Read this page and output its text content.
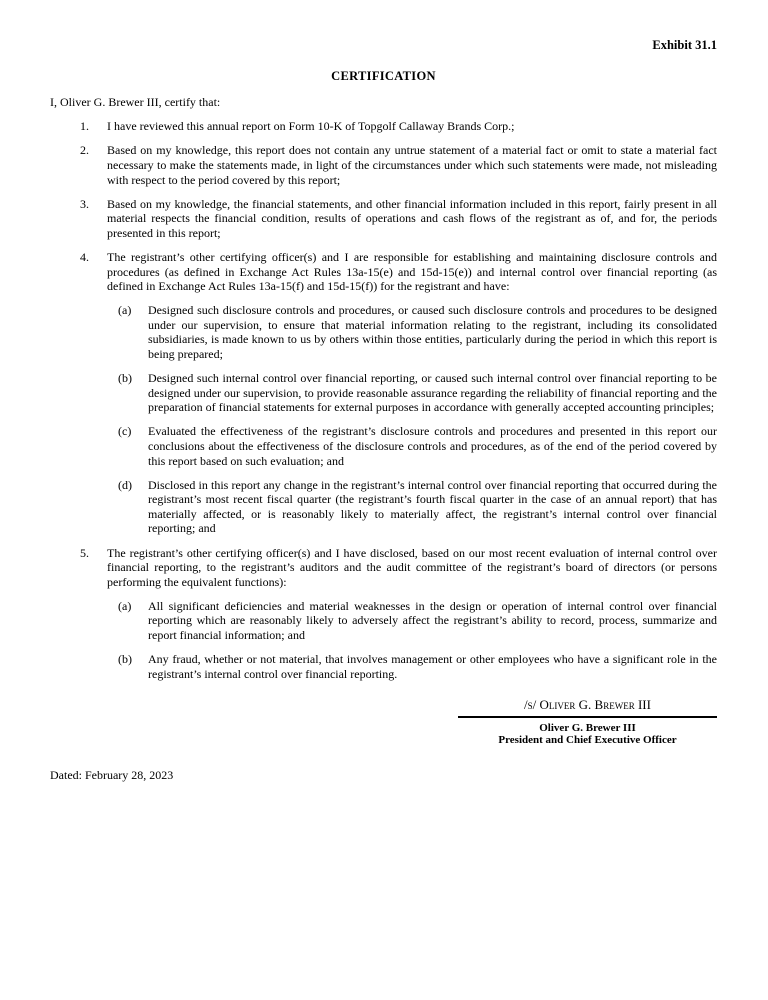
Exhibit 31.1
CERTIFICATION
I, Oliver G. Brewer III, certify that:
1.	I have reviewed this annual report on Form 10-K of Topgolf Callaway Brands Corp.;
2.	Based on my knowledge, this report does not contain any untrue statement of a material fact or omit to state a material fact necessary to make the statements made, in light of the circumstances under which such statements were made, not misleading with respect to the period covered by this report;
3.	Based on my knowledge, the financial statements, and other financial information included in this report, fairly present in all material respects the financial condition, results of operations and cash flows of the registrant as of, and for, the periods presented in this report;
4.	The registrant’s other certifying officer(s) and I are responsible for establishing and maintaining disclosure controls and procedures (as defined in Exchange Act Rules 13a-15(e) and 15d-15(e)) and internal control over financial reporting (as defined in Exchange Act Rules 13a-15(f) and 15d-15(f)) for the registrant and have:
(a)	Designed such disclosure controls and procedures, or caused such disclosure controls and procedures to be designed under our supervision, to ensure that material information relating to the registrant, including its consolidated subsidiaries, is made known to us by others within those entities, particularly during the period in which this report is being prepared;
(b)	Designed such internal control over financial reporting, or caused such internal control over financial reporting to be designed under our supervision, to provide reasonable assurance regarding the reliability of financial reporting and the preparation of financial statements for external purposes in accordance with generally accepted accounting principles;
(c)	Evaluated the effectiveness of the registrant’s disclosure controls and procedures and presented in this report our conclusions about the effectiveness of the disclosure controls and procedures, as of the end of the period covered by this report based on such evaluation; and
(d)	Disclosed in this report any change in the registrant’s internal control over financial reporting that occurred during the registrant’s most recent fiscal quarter (the registrant’s fourth fiscal quarter in the case of an annual report) that has materially affected, or is reasonably likely to materially affect, the registrant’s internal control over financial reporting; and
5.	The registrant’s other certifying officer(s) and I have disclosed, based on our most recent evaluation of internal control over financial reporting, to the registrant’s auditors and the audit committee of the registrant’s board of directors (or persons performing the equivalent functions):
(a)	All significant deficiencies and material weaknesses in the design or operation of internal control over financial reporting which are reasonably likely to adversely affect the registrant’s ability to record, process, summarize and report financial information; and
(b)	Any fraud, whether or not material, that involves management or other employees who have a significant role in the registrant’s internal control over financial reporting.
/s/ Oliver G. Brewer III
Oliver G. Brewer III
President and Chief Executive Officer
Dated: February 28, 2023
